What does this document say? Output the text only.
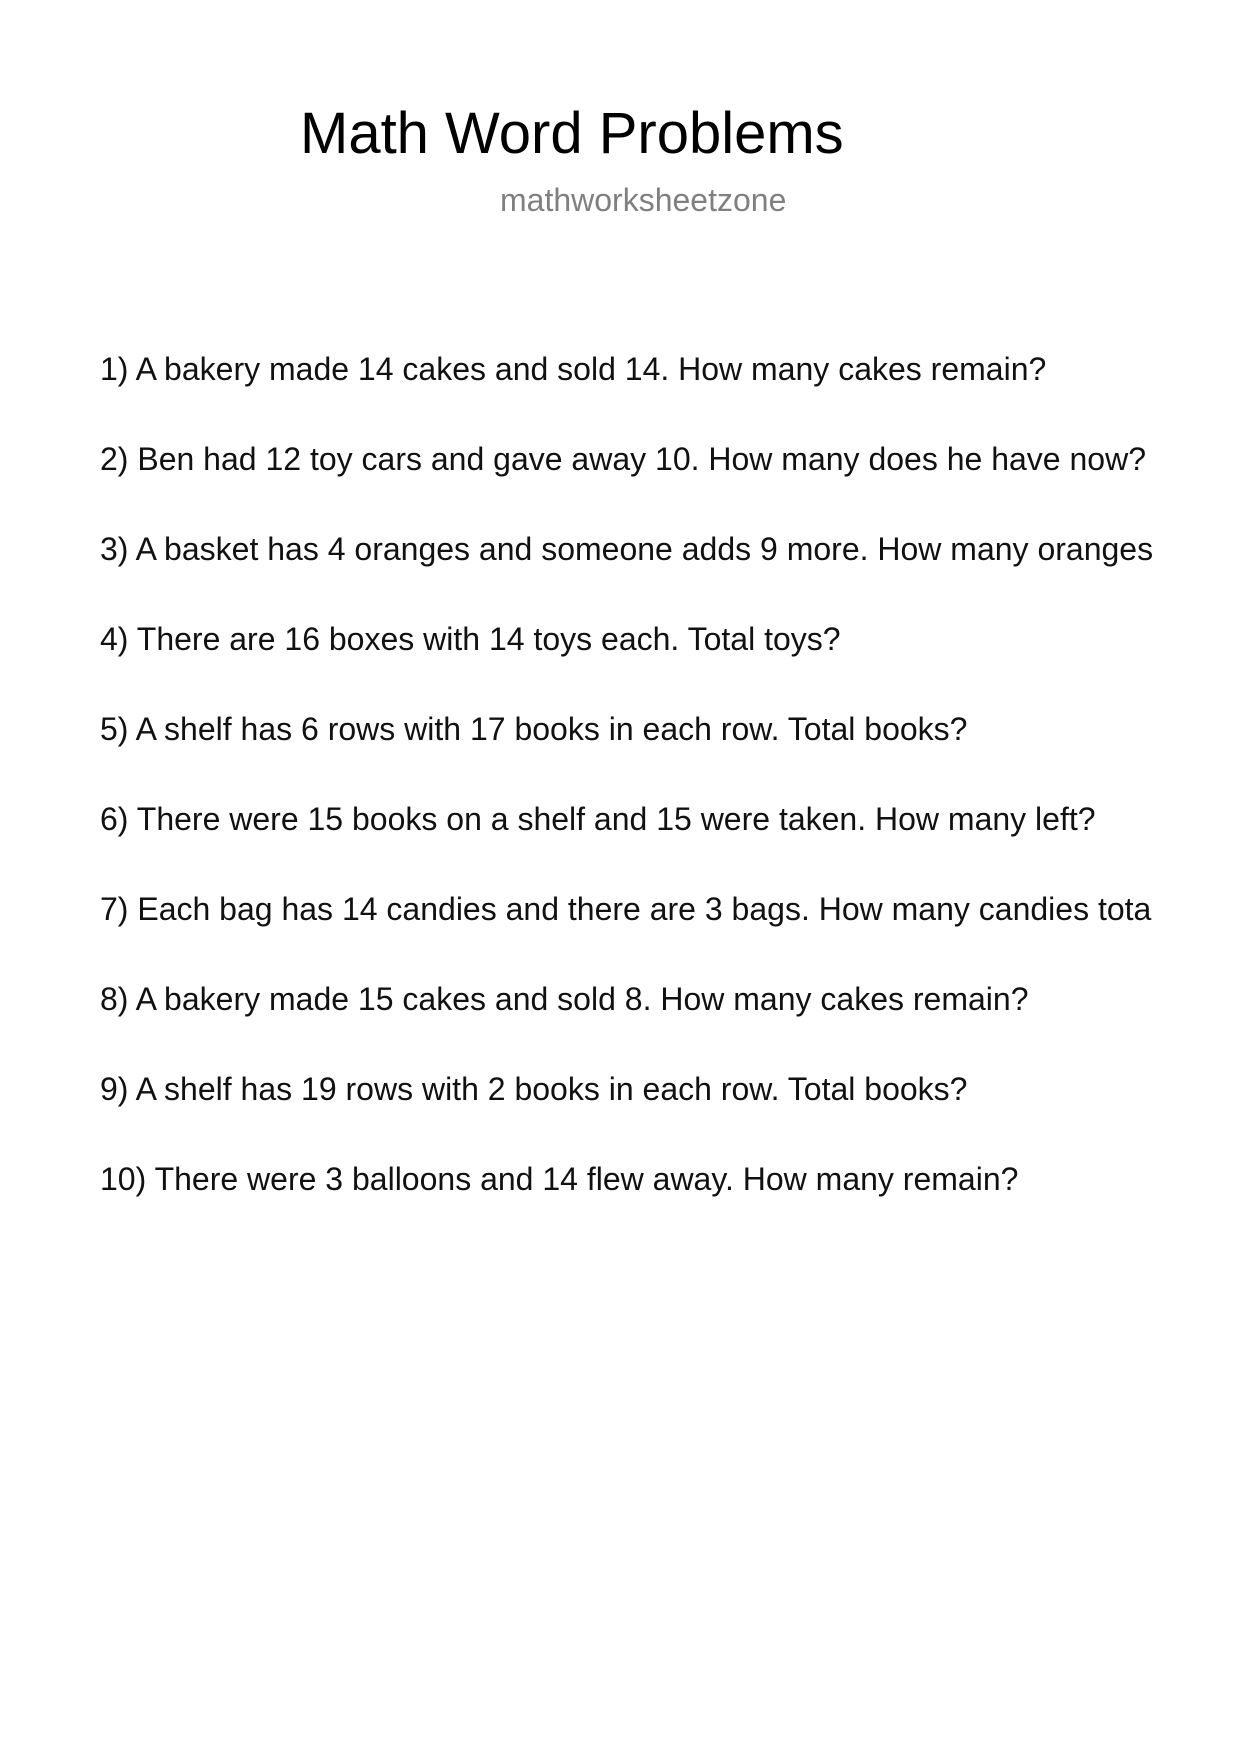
Math Word Problems
mathworksheetzone
1) A bakery made 14 cakes and sold 14. How many cakes remain?
2) Ben had 12 toy cars and gave away 10. How many does he have now?
3) A basket has 4 oranges and someone adds 9 more. How many oranges
4) There are 16 boxes with 14 toys each. Total toys?
5) A shelf has 6 rows with 17 books in each row. Total books?
6) There were 15 books on a shelf and 15 were taken. How many left?
7) Each bag has 14 candies and there are 3 bags. How many candies tota
8) A bakery made 15 cakes and sold 8. How many cakes remain?
9) A shelf has 19 rows with 2 books in each row. Total books?
10) There were 3 balloons and 14 flew away. How many remain?
